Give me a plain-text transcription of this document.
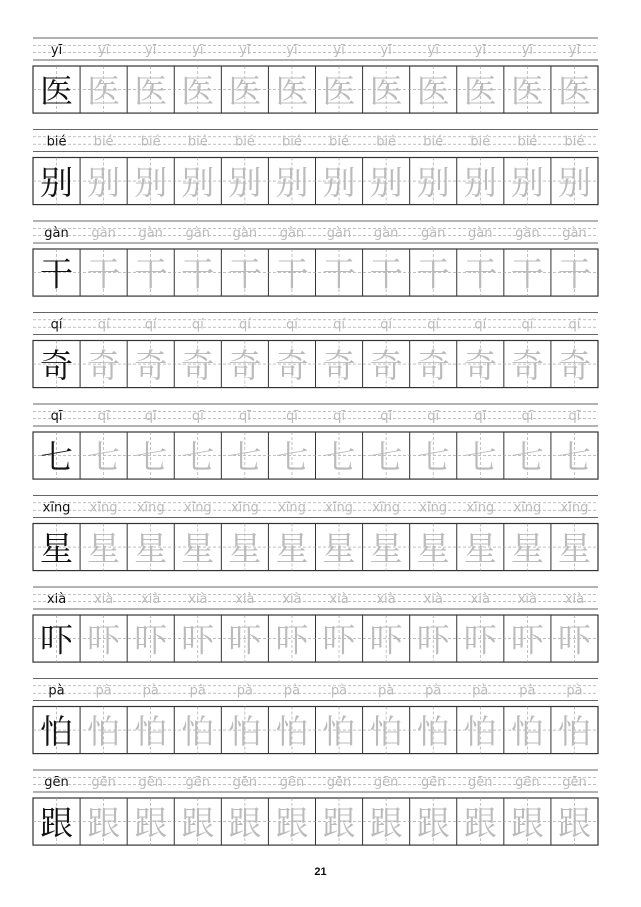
yī	yī	yī	yī	yī	yī	yī	yī	yī	yī	yī	yī
医 医 医 医 医 医 医 医 医 医 医 医
bié bié bié bié bié bié bié bié bié bié bié bié
别 别 别 别 别 别 别 别 别 别 别 别
gàn gàn gàn gàn gàn gàn gàn gàn gàn gàn gàn gàn
干 干 干 干 干 干 干 干 干 干 干 干
qí	qí	qí	qí	qí	qí	qí	qí	qí	qí	qí	qí
奇 奇 奇 奇 奇 奇 奇 奇 奇 奇 奇 奇
qī	qī	qī	qī	qī	qī	qī	qī	qī	qī	qī	qī
七 七 七 七 七 七 七 七 七 七 七 七
xīng xīng xīng xīng xīng xīng xīng xīng xīng xīng xīng xīng
星 星 星 星 星 星 星 星 星 星 星 星
xià xià xià xià xià xià xià xià xià xià xià xià
吓 吓 吓 吓 吓 吓 吓 吓 吓 吓 吓 吓
pà pà pà pà pà pà pà pà pà pà pà pà
怕 怕 怕 怕 怕 怕 怕 怕 怕 怕 怕 怕
gēn gēn gēn gēn gēn gēn gēn gēn gēn gēn gēn gēn
跟 跟 跟 跟 跟 跟 跟 跟 跟 跟 跟 跟
21
